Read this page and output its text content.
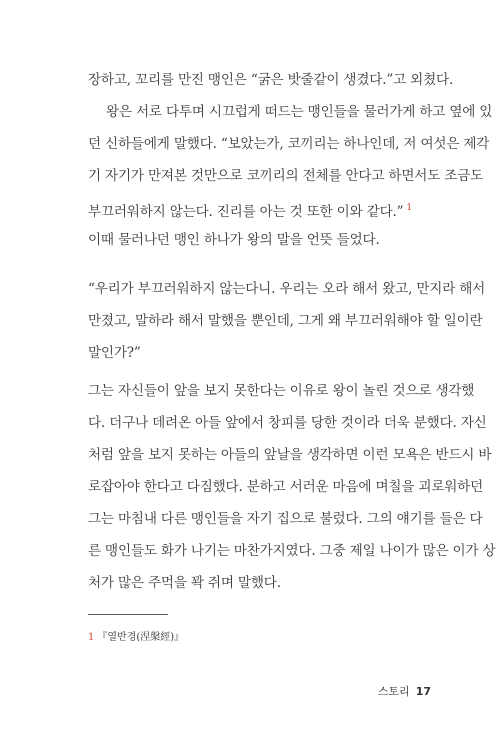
장하고, 꼬리를 만진 맹인은 “굵은 밧줄같이 생겼다.”고 외쳤다.
왕은 서로 다투며 시끄럽게 떠드는 맹인들을 물러가게 하고 옆에 있
던 신하들에게 말했다. “보았는가, 코끼리는 하나인데, 저 여섯은 제각
기 자기가 만져본 것만으로 코끼리의 전체를 안다고 하면서도 조금도
부끄러워하지 않는다. 진리를 아는 것 또한 이와 같다.” $^1$
이때 물러나던 맹인 하나가 왕의 말을 언뜻 들었다.
“우리가 부끄러워하지 않는다니. 우리는 오라 해서 왔고, 만지라 해서
만졌고, 말하라 해서 말했을 뿐인데, 그게 왜 부끄러워해야 할 일이란
말인가?”
그는 자신들이 앞을 보지 못한다는 이유로 왕이 놀린 것으로 생각했
다. 더구나 데려온 아들 앞에서 창피를 당한 것이라 더욱 분했다. 자신
처럼 앞을 보지 못하는 아들의 앞날을 생각하면 이런 모욕은 반드시 바
로잡아야 한다고 다짐했다. 분하고 서러운 마음에 며칠을 괴로워하던
그는 마침내 다른 맹인들을 자기 집으로 불렀다. 그의 얘기를 들은 다
른 맹인들도 화가 나기는 마찬가지였다. 그중 제일 나이가 많은 이가 상
처가 많은 주먹을 꽉 쥐며 말했다.
1 『열반경(涅槃經)』
스토리 17
